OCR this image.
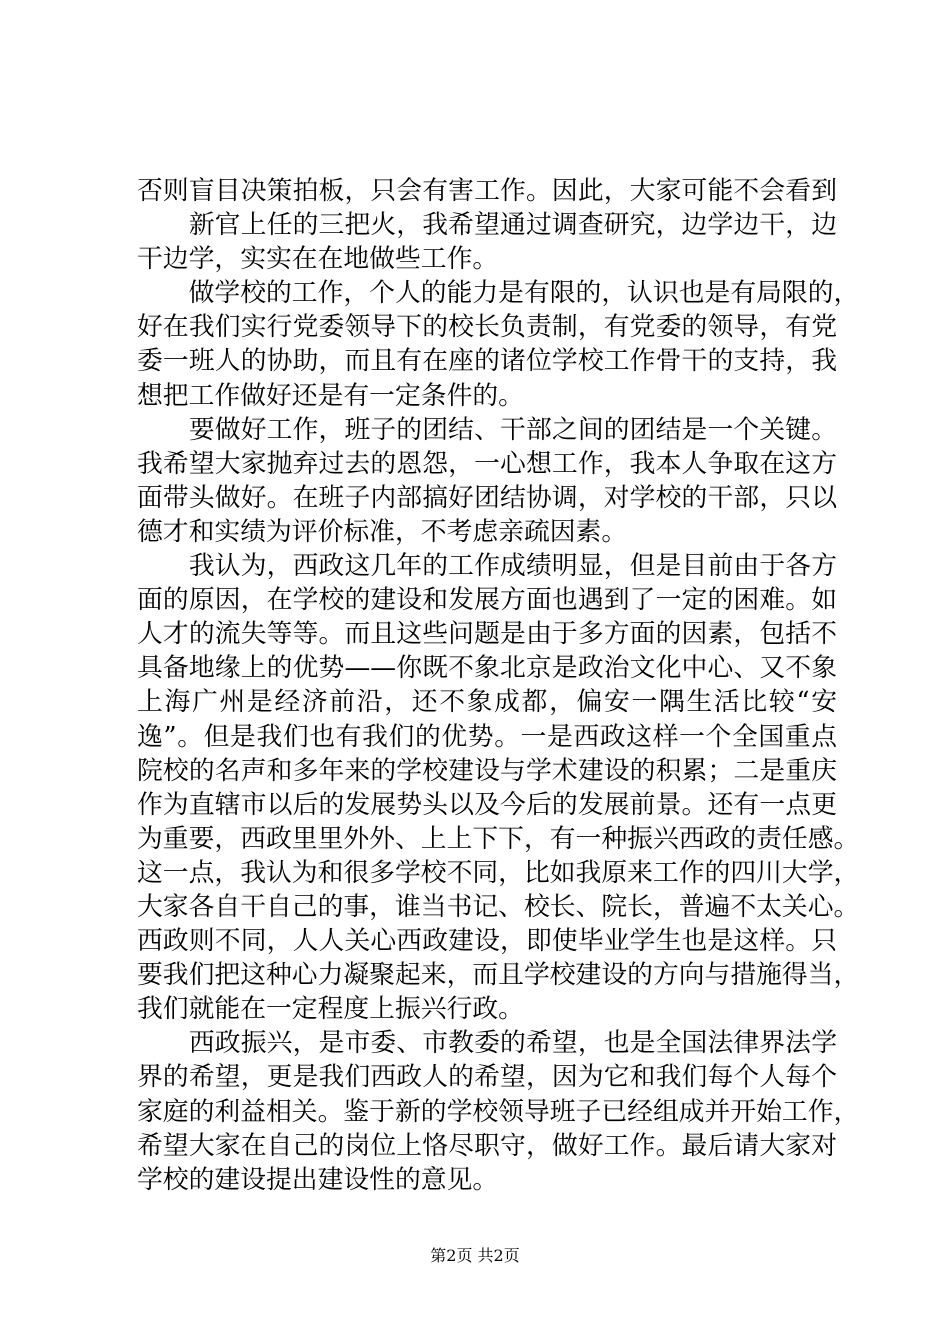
否则盲目决策拍板，只会有害工作。因此，大家可能不会看到
　　新官上任的三把火，我希望通过调查研究，边学边干，边
干边学，实实在在地做些工作。
　　做学校的工作，个人的能力是有限的，认识也是有局限的，
好在我们实行党委领导下的校长负责制，有党委的领导，有党
委一班人的协助，而且有在座的诸位学校工作骨干的支持，我
想把工作做好还是有一定条件的。
　　要做好工作，班子的团结、干部之间的团结是一个关键。
我希望大家抛弃过去的恩怨，一心想工作，我本人争取在这方
面带头做好。在班子内部搞好团结协调，对学校的干部，只以
德才和实绩为评价标准，不考虑亲疏因素。
　　我认为，西政这几年的工作成绩明显，但是目前由于各方
面的原因，在学校的建设和发展方面也遇到了一定的困难。如
人才的流失等等。而且这些问题是由于多方面的因素，包括不
具备地缘上的优势——你既不象北京是政治文化中心、又不象
上海广州是经济前沿，还不象成都，偏安一隅生活比较“安
逸”。但是我们也有我们的优势。一是西政这样一个全国重点
院校的名声和多年来的学校建设与学术建设的积累；二是重庆
作为直辖市以后的发展势头以及今后的发展前景。还有一点更
为重要，西政里里外外、上上下下，有一种振兴西政的责任感。
这一点，我认为和很多学校不同，比如我原来工作的四川大学，
大家各自干自己的事，谁当书记、校长、院长，普遍不太关心。
西政则不同，人人关心西政建设，即使毕业学生也是这样。只
要我们把这种心力凝聚起来，而且学校建设的方向与措施得当，
我们就能在一定程度上振兴行政。
　　西政振兴，是市委、市教委的希望，也是全国法律界法学
界的希望，更是我们西政人的希望，因为它和我们每个人每个
家庭的利益相关。鉴于新的学校领导班子已经组成并开始工作，
希望大家在自己的岗位上恪尽职守，做好工作。最后请大家对
学校的建设提出建设性的意见。
第2页 共2页
